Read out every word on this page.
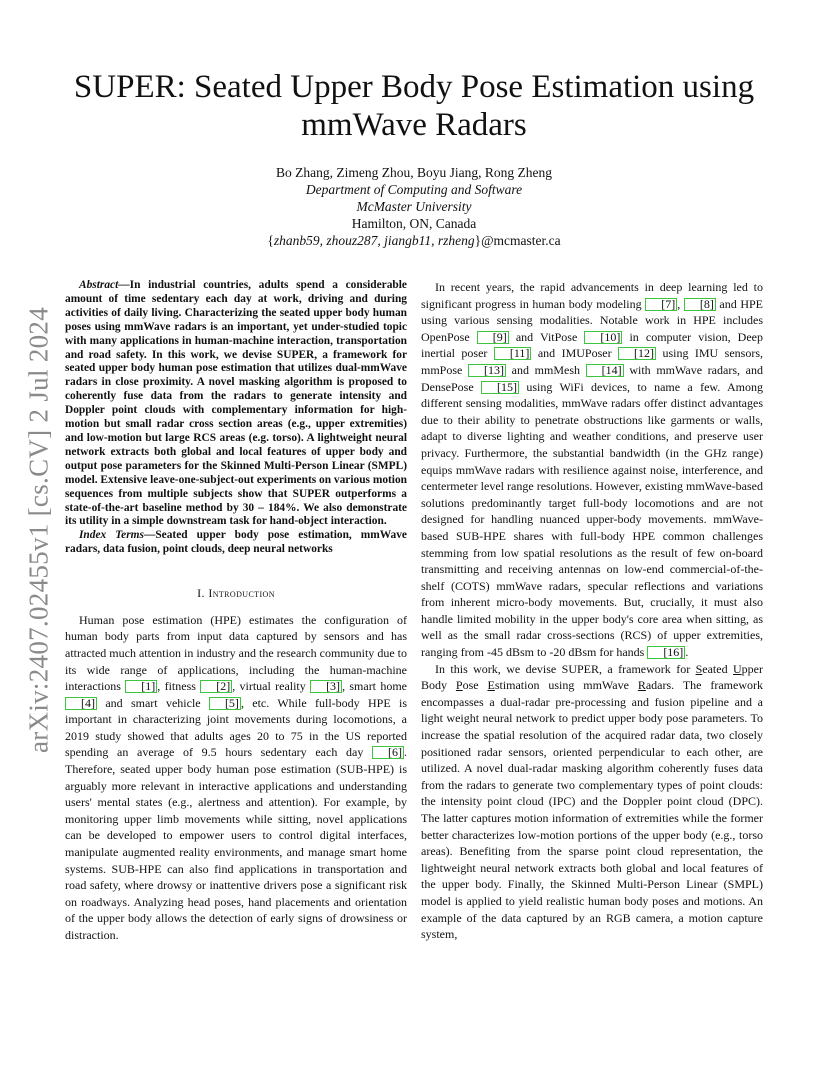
arXiv:2407.02455v1 [cs.CV] 2 Jul 2024
SUPER: Seated Upper Body Pose Estimation using
mmWave Radars
Bo Zhang, Zimeng Zhou, Boyu Jiang, Rong Zheng
Department of Computing and Software
McMaster University
Hamilton, ON, Canada
{zhanb59, zhouz287, jiangb11, rzheng}@mcmaster.ca

Abstract—In industrial countries, adults spend a considerable amount of time sedentary each day at work, driving and during activities of daily living. Characterizing the seated upper body human poses using mmWave radars is an important, yet under-studied topic with many applications in human-machine interaction, transportation and road safety. In this work, we devise SUPER, a framework for seated upper body human pose estimation that utilizes dual-mmWave radars in close proximity. A novel masking algorithm is proposed to coherently fuse data from the radars to generate intensity and Doppler point clouds with complementary information for high-motion but small radar cross section areas (e.g., upper extremities) and low-motion but large RCS areas (e.g. torso). A lightweight neural network extracts both global and local features of upper body and output pose parameters for the Skinned Multi-Person Linear (SMPL) model. Extensive leave-one-subject-out experiments on various motion sequences from multiple subjects show that SUPER outperforms a state-of-the-art baseline method by 30 – 184%. We also demonstrate its utility in a simple downstream task for hand-object interaction.

Index Terms—Seated upper body pose estimation, mmWave radars, data fusion, point clouds, deep neural networks

I. Introduction

Human pose estimation (HPE) estimates the configuration of human body parts from input data captured by sensors and has attracted much attention in industry and the research community due to its wide range of applications, including the human-machine interactions [1] , fitness [2] , virtual reality [3] , smart home [4] and smart vehicle [5] , etc. While full-body HPE is important in characterizing joint movements during locomotions, a 2019 study showed that adults ages 20 to 75 in the US reported spending an average of 9.5 hours sedentary each day [6] . Therefore, seated upper body human pose estimation (SUB-HPE) is arguably more relevant in interactive applications and understanding users' mental states (e.g., alertness and attention). For example, by monitoring upper limb movements while sitting, novel applications can be developed to empower users to control digital interfaces, manipulate augmented reality environments, and manage smart home systems. SUB-HPE can also find applications in transportation and road safety, where drowsy or inattentive drivers pose a significant risk on roadways. Analyzing head poses, hand placements and orientation of the upper body allows the detection of early signs of drowsiness or distraction.

In recent years, the rapid advancements in deep learning led to significant progress in human body modeling [7] , [8] and HPE using various sensing modalities. Notable work in HPE includes OpenPose [9] and VitPose [10] in computer vision, Deep inertial poser [11] and IMUPoser [12] using IMU sensors, mmPose [13] and mmMesh [14] with mmWave radars, and DensePose [15] using WiFi devices, to name a few. Among different sensing modalities, mmWave radars offer distinct advantages due to their ability to penetrate obstructions like garments or walls, adapt to diverse lighting and weather conditions, and preserve user privacy. Furthermore, the substantial bandwidth (in the GHz range) equips mmWave radars with resilience against noise, interference, and centermeter level range resolutions. However, existing mmWave-based solutions predominantly target full-body locomotions and are not designed for handling nuanced upper-body movements. mmWave-based SUB-HPE shares with full-body HPE common challenges stemming from low spatial resolutions as the result of few on-board transmitting and receiving antennas on low-end commercial-of-the-shelf (COTS) mmWave radars, specular reflections and variations from inherent micro-body movements. But, crucially, it must also handle limited mobility in the upper body's core area when sitting, as well as the small radar cross-sections (RCS) of upper extremities, ranging from -45 dBsm to -20 dBsm for hands [16] .

In this work, we devise SUPER, a framework for Seated Upper Body Pose Estimation using mmWave Radars. The framework encompasses a dual-radar pre-processing and fusion pipeline and a light weight neural network to predict upper body pose parameters. To increase the spatial resolution of the acquired radar data, two closely positioned radar sensors, oriented perpendicular to each other, are utilized. A novel dual-radar masking algorithm coherently fuses data from the radars to generate two complementary types of point clouds: the intensity point cloud (IPC) and the Doppler point cloud (DPC). The latter captures motion information of extremities while the former better characterizes low-motion portions of the upper body (e.g., torso areas). Benefiting from the sparse point cloud representation, the lightweight neural network extracts both global and local features of the upper body. Finally, the Skinned Multi-Person Linear (SMPL) model is applied to yield realistic human body poses and motions. An example of the data captured by an RGB camera, a motion capture system,
